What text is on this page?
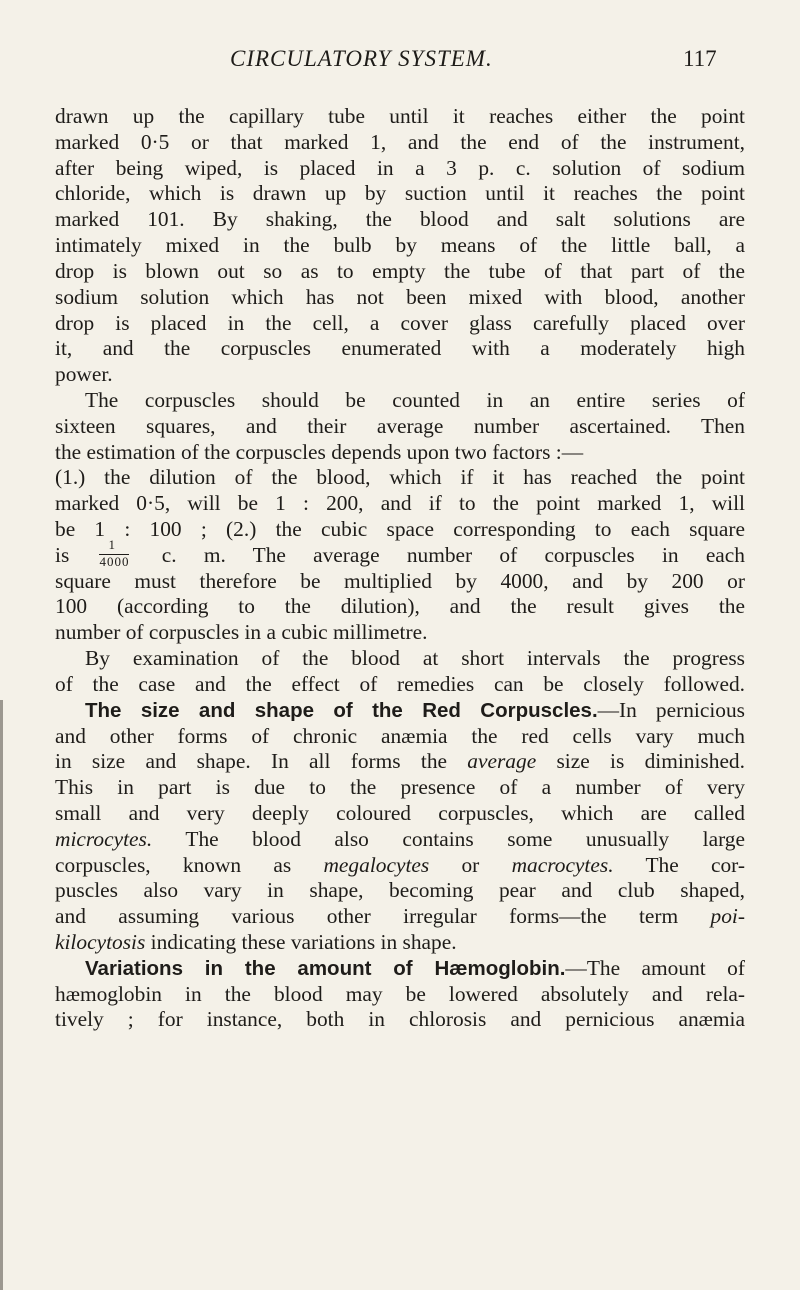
CIRCULATORY SYSTEM.	117
drawn up the capillary tube until it reaches either the point
marked 0·5 or that marked 1, and the end of the instrument,
after being wiped, is placed in a 3 p. c. solution of sodium
chloride, which is drawn up by suction until it reaches the point
marked 101. By shaking, the blood and salt solutions are
intimately mixed in the bulb by means of the little ball, a
drop is blown out so as to empty the tube of that part of the
sodium solution which has not been mixed with blood, another
drop is placed in the cell, a cover glass carefully placed over
it, and the corpuscles enumerated with a moderately high
power.
The corpuscles should be counted in an entire series of
sixteen squares, and their average number ascertained. Then
the estimation of the corpuscles depends upon two factors :—
(1.) the dilution of the blood, which if it has reached the point
marked 0·5, will be 1 : 200, and if to the point marked 1, will
be 1 : 100 ; (2.) the cubic space corresponding to each square
is $\frac{1}{4000} c$. m. The average number of corpuscles in each
square must therefore be multiplied by 4000, and by 200 or
100 (according to the dilution), and the result gives the
number of corpuscles in a cubic millimetre.
By examination of the blood at short intervals the progress
of the case and the effect of remedies can be closely followed.
The size and shape of the Red Corpuscles.—In pernicious
and other forms of chronic anæmia the red cells vary much
in size and shape. In all forms the average size is diminished.
This in part is due to the presence of a number of very
small and very deeply coloured corpuscles, which are called
microcytes. The blood also contains some unusually large
corpuscles, known as megalocytes or macrocytes. The cor-
puscles also vary in shape, becoming pear and club shaped,
and assuming various other irregular forms—the term poi-
kilocytosis indicating these variations in shape.
Variations in the amount of Hæmoglobin.—The amount of
hæmoglobin in the blood may be lowered absolutely and rela-
tively ; for instance, both in chlorosis and pernicious anæmia
